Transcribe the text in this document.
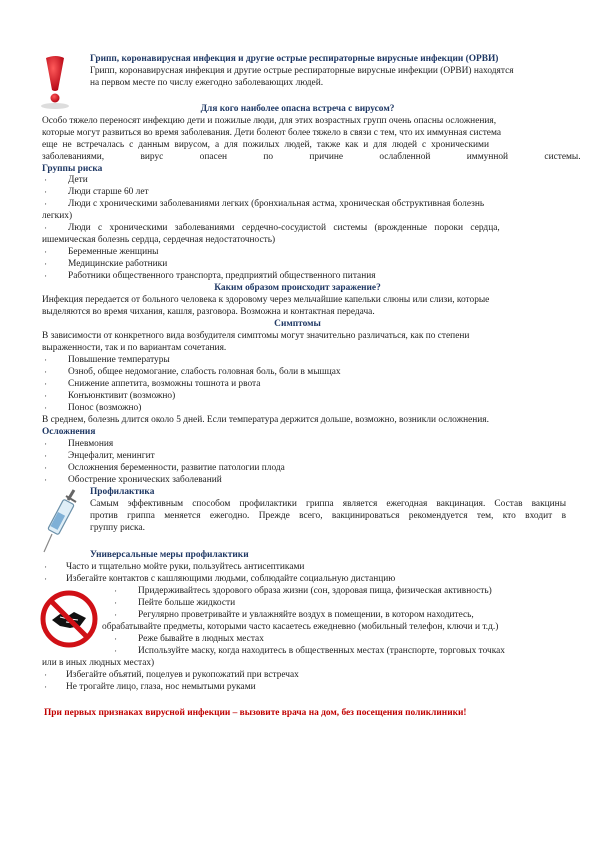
Грипп, коронавирусная инфекция и другие острые респираторные вирусные инфекции (ОРВИ)
Грипп, коронавирусная инфекция и другие острые респираторные вирусные инфекции (ОРВИ) находятся
на первом месте по числу ежегодно заболевающих людей.
Для кого наиболее опасна встреча с вирусом?
Особо тяжело переносят инфекцию дети и пожилые люди, для этих возрастных групп очень опасны осложнения,
которые могут развиться во время заболевания. Дети болеют более тяжело в связи с тем, что их иммунная система
еще не встречалась с данным вирусом, а для пожилых людей, также как и для людей с хроническими
заболеваниями, вирус опасен по причине ослабленной иммунной системы.
Группы риска
· Дети
· Люди старше 60 лет
· Люди с хроническими заболеваниями легких (бронхиальная астма, хроническая обструктивная болезнь
легких)
· Люди с хроническими заболеваниями сердечно-сосудистой системы (врожденные пороки сердца,
ишемическая болезнь сердца, сердечная недостаточность)
· Беременные женщины
· Медицинские работники
· Работники общественного транспорта, предприятий общественного питания
Каким образом происходит заражение?
Инфекция передается от больного человека к здоровому через мельчайшие капельки слюны или слизи, которые
выделяются во время чихания, кашля, разговора. Возможна и контактная передача.
Симптомы
В зависимости от конкретного вида возбудителя симптомы могут значительно различаться, как по степени
выраженности, так и по вариантам сочетания.
· Повышение температуры
· Озноб, общее недомогание, слабость головная боль, боли в мышцах
· Снижение аппетита, возможны тошнота и рвота
· Конъюнктивит (возможно)
· Понос (возможно)
В среднем, болезнь длится около 5 дней. Если температура держится дольше, возможно, возникли осложнения.
Осложнения
· Пневмония
· Энцефалит, менингит
· Осложнения беременности, развитие патологии плода
· Обострение хронических заболеваний
Профилактика
Самым эффективным способом профилактики гриппа является ежегодная вакцинация. Состав вакцины
против гриппа меняется ежегодно. Прежде всего, вакцинироваться рекомендуется тем, кто входит в
группу риска.
Универсальные меры профилактики
· Часто и тщательно мойте руки, пользуйтесь антисептиками
· Избегайте контактов с кашляющими людьми, соблюдайте социальную дистанцию
· Придерживайтесь здорового образа жизни (сон, здоровая пища, физическая активность)
· Пейте больше жидкости
· Регулярно проветривайте и увлажняйте воздух в помещении, в котором находитесь,
обрабатывайте предметы, которыми часто касаетесь ежедневно (мобильный телефон, ключи и т.д.)
· Реже бывайте в людных местах
· Используйте маску, когда находитесь в общественных местах (транспорте, торговых точках
или в иных людных местах)
· Избегайте объятий, поцелуев и рукопожатий при встречах
· Не трогайте лицо, глаза, нос немытыми руками
При первых признаках вирусной инфекции – вызовите врача на дом, без посещения поликлиники!
